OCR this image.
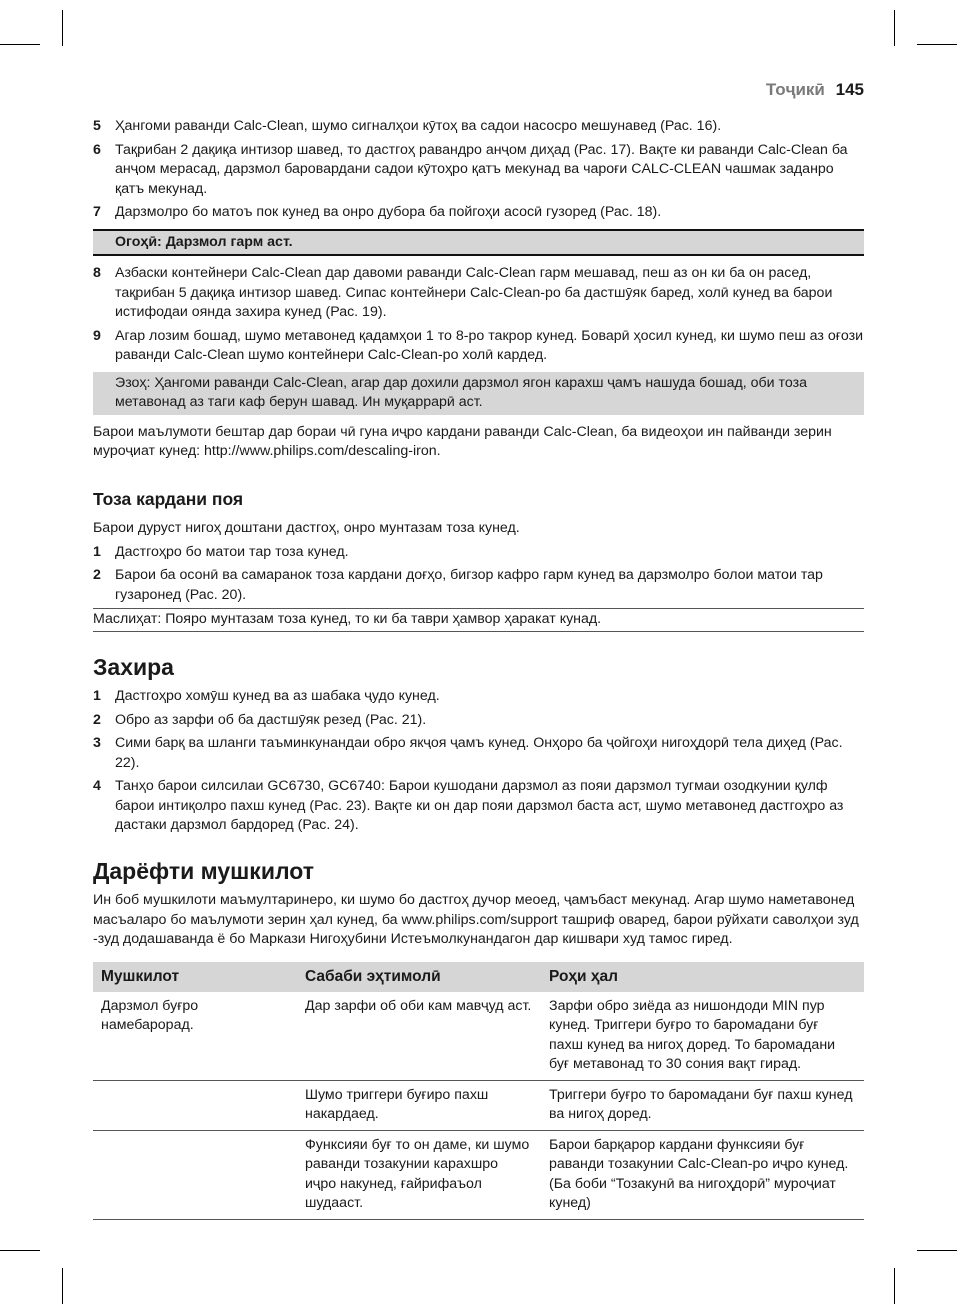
Тоҷикӣ 145
5 Ҳангоми раванди Calc-Clean, шумо сигналҳои кӯтоҳ ва садои насосро мешунавед (Рас. 16).
6 Тақрибан 2 дақиқа интизор шавед, то дастгоҳ равандро анҷом диҳад (Рас. 17). Вақте ки раванди Calc-Clean ба анҷом мерасад, дарзмол баровардани садои кӯтоҳро қатъ мекунад ва чароғи CALC-CLEAN чашмак заданро қатъ мекунад.
7 Дарзмолро бо матоъ пок кунед ва онро дубора ба пойгоҳи асосӣ гузоред (Рас. 18).
Огоҳӣ: Дарзмол гарм аст.
8 Азбаски контейнери Calc-Clean дар давоми раванди Calc-Clean гарм мешавад, пеш аз он ки ба он расед, тақрибан 5 дақиқа интизор шавед. Сипас контейнери Calc-Clean-ро ба дастшӯяк бaред, холӣ кунед ва барои истифодаи оянда захира кунед (Рас. 19).
9 Агар лозим бошад, шумо метавонед қадамҳои 1 то 8-ро такрор кунед. Боварӣ ҳосил кунед, ки шумо пеш аз оғози раванди Calc-Clean шумо контейнери Calc-Clean-ро холӣ кардед.
Эзоҳ: Ҳангоми раванди Calc-Clean, агар дар дохили дарзмол ягон карахш ҷамъ нашуда бошад, оби тоза метавонад аз таги каф берун шавад. Ин муқаррарӣ аст.
Барои маълумоти бештар дар бораи чӣ гуна иҷро кардани раванди Calc-Clean, ба видеоҳои ин пайванди зерин муроҷиат кунед: http://www.philips.com/descaling-iron.
Тоза кардани поя
Барои дуруст нигоҳ доштани дастгоҳ, онро мунтазам тоза кунед.
1 Дастгоҳро бо матои тар тоза кунед.
2 Барои ба осонӣ ва самаранок тоза кардани доғҳо, бигзор кафро гарм кунед ва дарзмолро болои матои тар гузаронед (Рас. 20).
Маслиҳат: Пояро мунтазам тоза кунед, то ки ба таври ҳамвор ҳаракат кунад.
Захира
1 Дастгоҳро хомӯш кунед ва аз шабака ҷудо кунед.
2 Обро аз зарфи об ба дастшӯяк резед (Рас. 21).
3 Сими барқ ва шланги таъминкунандаи обро якҷоя ҷамъ кунед. Онҳоро ба ҷойгоҳи нигоҳдорӣ тела диҳед (Рас. 22).
4 Танҳо барои силсилаи GC6730, GC6740: Барои кушодани дарзмол аз пояи дарзмол тугмаи озодкунии қулф барои интиқолро пахш кунед (Рас. 23). Вақте ки он дар пояи дарзмол баста аст, шумо метавонед дастгоҳро аз дастаки дарзмол бардоред (Рас. 24).
Дарёфти мушкилот
Ин боб мушкилоти маъмултаринеро, ки шумо бо дастгоҳ дучор меоед, ҷамъбаст мекунад. Агар шумо наметавонед масъаларо бо маълумоти зерин ҳал кунед, ба www.philips.com/support ташриф оваред, барои рӯйхати саволҳои зуд -зуд додашаванда ё бо Маркази Нигоҳубини Истеъмолкунандагон дар кишвари худ тамос гиред.
Мушкилот	Сабаби эҳтимолӣ	Роҳи ҳал
Дарзмол буғро намебарорад.	Дар зарфи об оби кам мавҷуд аст.	Зарфи обро зиёда аз нишондоди MIN пур кунед. Триггери буғро то баромадани буғ пахш кунед ва нигоҳ доред. То баромадани буғ метавонад то 30 сония вақт гирад.
	Шумо триггери буғиро пахш накардаед.	Триггери буғро то баромадани буғ пахш кунед ва нигоҳ доред.
	Функсияи буғ то он даме, ки шумо раванди тозакунии карахшро иҷро накунед, ғайрифаъол шудааст.	Барои барқарор кардани функсияи буғ раванди тозакунии Calc-Clean-ро иҷро кунед. (Ба боби “Тозакунӣ ва нигоҳдорӣ” муроҷиат кунед)
